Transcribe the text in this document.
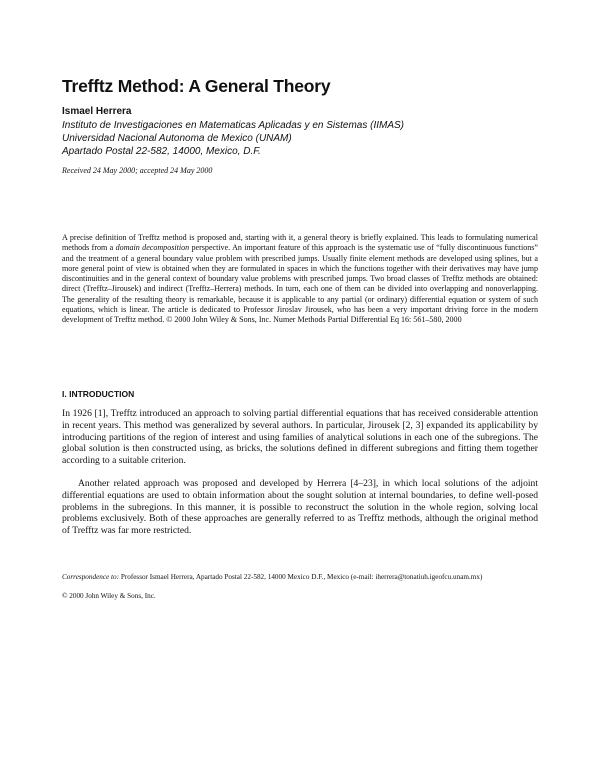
Trefftz Method: A General Theory
Ismael Herrera
Instituto de Investigaciones en Matematicas Aplicadas y en Sistemas (IIMAS)
Universidad Nacional Autonoma de Mexico (UNAM)
Apartado Postal 22-582, 14000, Mexico, D.F.
Received 24 May 2000; accepted 24 May 2000

A precise definition of Trefftz method is proposed and, starting with it, a general theory is briefly explained. This leads to formulating numerical methods from a domain decomposition perspective. An important feature of this approach is the systematic use of “fully discontinuous functions” and the treatment of a general boundary value problem with prescribed jumps. Usually finite element methods are developed using splines, but a more general point of view is obtained when they are formulated in spaces in which the functions together with their derivatives may have jump discontinuities and in the general context of boundary value problems with prescribed jumps. Two broad classes of Trefftz methods are obtained: direct (Trefftz–Jirousek) and indirect (Trefftz–Herrera) methods. In turn, each one of them can be divided into overlapping and nonoverlapping. The generality of the resulting theory is remarkable, because it is applicable to any partial (or ordinary) differential equation or system of such equations, which is linear. The article is dedicated to Professor Jiroslav Jirousek, who has been a very important driving force in the modern development of Trefftz method. © 2000 John Wiley & Sons, Inc. Numer Methods Partial Differential Eq 16: 561–580, 2000

I. INTRODUCTION

In 1926 [1], Trefftz introduced an approach to solving partial differential equations that has received considerable attention in recent years. This method was generalized by several authors. In particular, Jirousek [2, 3] expanded its applicability by introducing partitions of the region of interest and using families of analytical solutions in each one of the subregions. The global solution is then constructed using, as bricks, the solutions defined in different subregions and fitting them together according to a suitable criterion.

Another related approach was proposed and developed by Herrera [4–23], in which local solutions of the adjoint differential equations are used to obtain information about the sought solution at internal boundaries, to define well-posed problems in the subregions. In this manner, it is possible to reconstruct the solution in the whole region, solving local problems exclusively. Both of these approaches are generally referred to as Trefftz methods, although the original method of Trefftz was far more restricted.

Correspondence to: Professor Ismael Herrera, Apartado Postal 22-582, 14000 Mexico D.F., Mexico (e-mail: iherrera@tonatiuh.igeofcu.unam.mx)

© 2000 John Wiley & Sons, Inc.
